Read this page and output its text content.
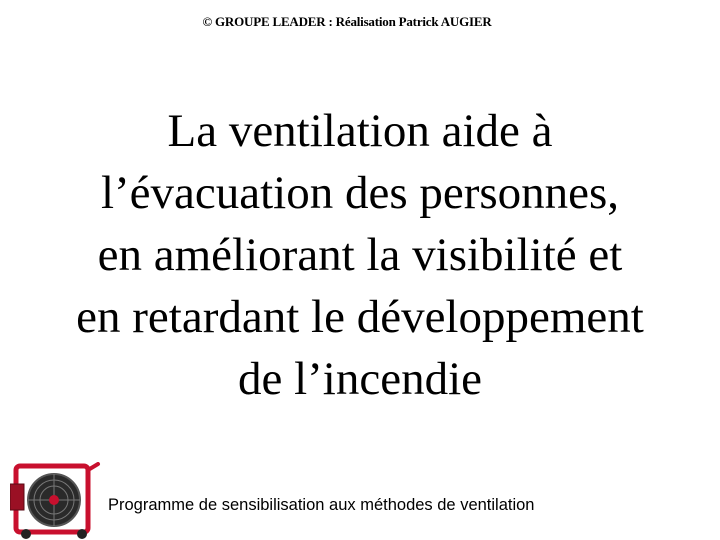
© GROUPE LEADER : Réalisation Patrick AUGIER
La ventilation aide à
l’évacuation des personnes,
en améliorant la visibilité et
en retardant le développement
de l’incendie
Programme de sensibilisation aux méthodes de ventilation
